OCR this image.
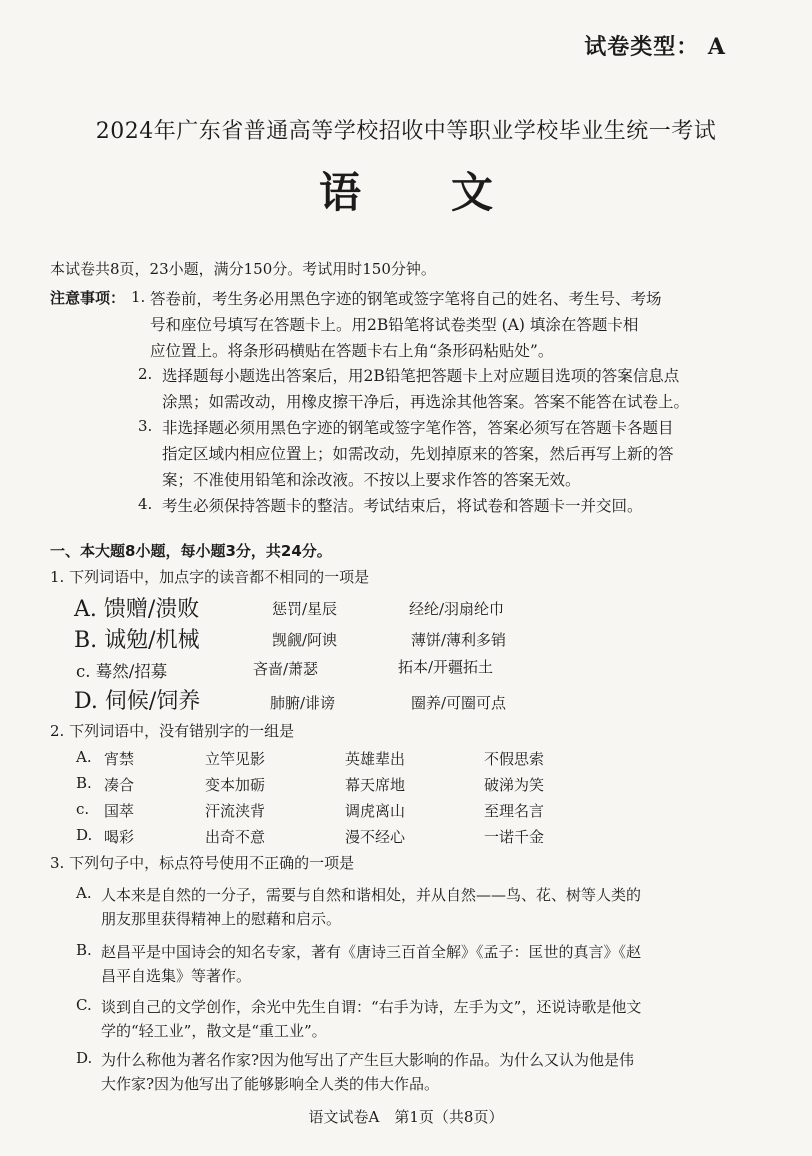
试卷类型： A
2024年广东省普通高等学校招收中等职业学校毕业生统一考试
语文
本试卷共8页，23小题，满分150分。考试用时150分钟。
注意事项： 1. 答卷前，考生务必用黑色字迹的钢笔或签字笔将自己的姓名、考生号、考场
号和座位号填写在答题卡上。用2B铅笔将试卷类型 (A) 填涂在答题卡相
应位置上。将条形码横贴在答题卡右上角“条形码粘贴处”。
2. 选择题每小题选出答案后，用2B铅笔把答题卡上对应题目选项的答案信息点
涂黑；如需改动，用橡皮擦干净后，再选涂其他答案。答案不能答在试卷上。
3. 非选择题必须用黑色字迹的钢笔或签字笔作答，答案必须写在答题卡各题目
指定区域内相应位置上；如需改动，先划掉原来的答案，然后再写上新的答
案；不准使用铅笔和涂改液。不按以上要求作答的答案无效。
4. 考生必须保持答题卡的整洁。考试结束后，将试卷和答题卡一并交回。
一、本大题8小题，每小题3分，共24分。
1. 下列词语中，加点字的读音都不相同的一项是
A. 馈赠/溃败	惩罚/星辰	经纶/羽扇纶巾
B. 诚勉/机械	觊觎/阿谀	薄饼/薄利多销
c. 蓦然/招募	吝啬/萧瑟	拓本/开疆拓土
D. 伺候/饲养	肺腑/诽谤	圈养/可圈可点
2. 下列词语中，没有错别字的一组是
A. 宵禁	立竿见影	英雄辈出	不假思索
B. 凑合	变本加砺	幕天席地	破涕为笑
c. 国萃	汗流浃背	调虎离山	至理名言
D. 喝彩	出奇不意	漫不经心	一诺千金
3. 下列句子中，标点符号使用不正确的一项是
A. 人本来是自然的一分子，需要与自然和谐相处，并从自然——鸟、花、树等人类的
朋友那里获得精神上的慰藉和启示。
B. 赵昌平是中国诗会的知名专家，著有《唐诗三百首全解》《孟子：匡世的真言》《赵
昌平自选集》等著作。
C. 谈到自己的文学创作，余光中先生自谓：“右手为诗，左手为文”，还说诗歌是他文
学的“轻工业”，散文是“重工业”。
D. 为什么称他为著名作家?因为他写出了产生巨大影响的作品。为什么又认为他是伟
大作家?因为他写出了能够影响全人类的伟大作品。
语文试卷A　第1页（共8页）
